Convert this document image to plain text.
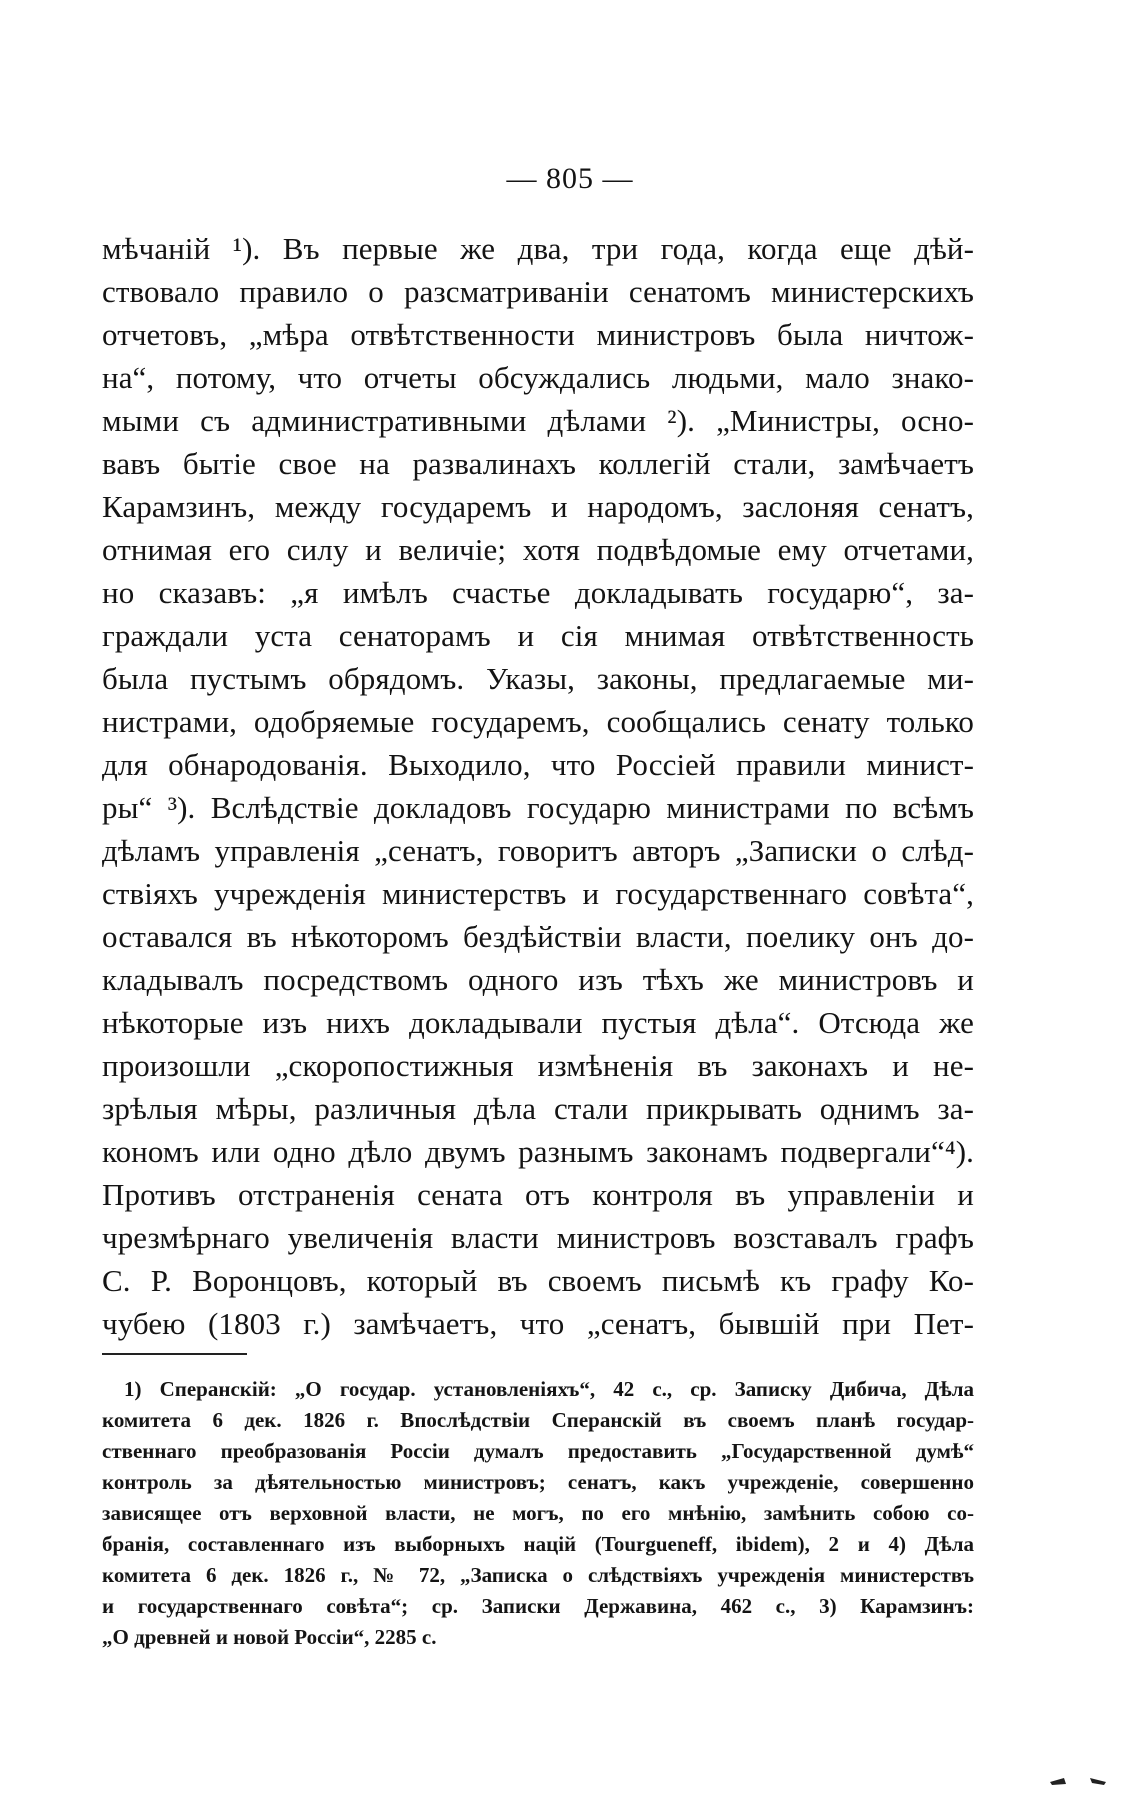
— 805 —
мѣчаній ¹). Въ первые же два, три года, когда еще дѣй-
ствовало правило о разсматриваніи сенатомъ министерскихъ
отчетовъ, „мѣра отвѣтственности министровъ была ничтож-
на“, потому, что отчеты обсуждались людьми, мало знако-
мыми съ административными дѣлами ²). „Министры, осно-
вавъ бытіе свое на развалинахъ коллегій стали, замѣчаетъ
Карамзинъ, между государемъ и народомъ, заслоняя сенатъ,
отнимая его силу и величіе; хотя подвѣдомые ему отчетами,
но сказавъ: „я имѣлъ счастье докладывать государю“, за-
граждали уста сенаторамъ и сія мнимая отвѣтственность
была пустымъ обрядомъ. Указы, законы, предлагаемые ми-
нистрами, одобряемые государемъ, сообщались сенату только
для обнародованія. Выходило, что Россіей правили минист-
ры“ ³). Вслѣдствіе докладовъ государю министрами по всѣмъ
дѣламъ управленія „сенатъ, говоритъ авторъ „Записки о слѣд-
ствіяхъ учрежденія министерствъ и государственнаго совѣта“,
оставался въ нѣкоторомъ бездѣйствіи власти, поелику онъ до-
кладывалъ посредствомъ одного изъ тѣхъ же министровъ и
нѣкоторые изъ нихъ докладывали пустыя дѣла“. Отсюда же
произошли „скоропостижныя измѣненія въ законахъ и не-
зрѣлыя мѣры, различныя дѣла стали прикрывать однимъ за-
кономъ или одно дѣло двумъ разнымъ законамъ подвергали“⁴).
Противъ отстраненія сената отъ контроля въ управленіи и
чрезмѣрнаго увеличенія власти министровъ возставалъ графъ
С. Р. Воронцовъ, который въ своемъ письмѣ къ графу Ко-
чубею (1803 г.) замѣчаетъ, что „сенатъ, бывшій при Пет-
1) Сперанскій: „О государ. установленіяхъ“, 42 с., ср. Записку Дибича, Дѣла
комитета 6 дек. 1826 г. Впослѣдствіи Сперанскій въ своемъ планѣ государ-
ственнаго преобразованія Россіи думалъ предоставить „Государственной думѣ“
контроль за дѣятельностью министровъ; сенатъ, какъ учрежденіе, совершенно
зависящее отъ верховной власти, не могъ, по его мнѣнію, замѣнить собою со-
бранія, составленнаго изъ выборныхъ націй (Tourgueneff, ibidem), 2 и 4) Дѣла
комитета 6 дек. 1826 г., № 72, „Записка о слѣдствіяхъ учрежденія министерствъ
и государственнаго совѣта“; ср. Записки Державина, 462 с., 3) Карамзинъ:
„О древней и новой Россіи“, 2285 с.
